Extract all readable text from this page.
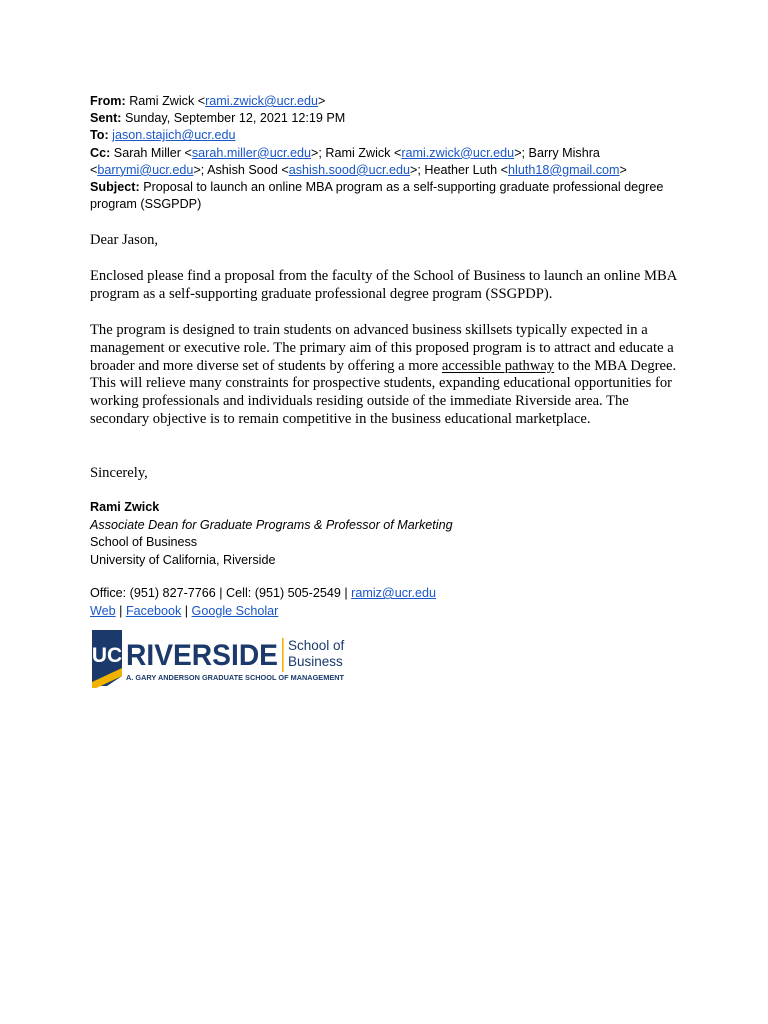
From: Rami Zwick <rami.zwick@ucr.edu>
Sent: Sunday, September 12, 2021 12:19 PM
To: jason.stajich@ucr.edu
Cc: Sarah Miller <sarah.miller@ucr.edu>; Rami Zwick <rami.zwick@ucr.edu>; Barry Mishra
<barrymi@ucr.edu>; Ashish Sood <ashish.sood@ucr.edu>; Heather Luth <hluth18@gmail.com>
Subject: Proposal to launch an online MBA program as a self-supporting graduate professional degree program (SSGPDP)

Dear Jason,

Enclosed please find a proposal from the faculty of the School of Business to launch an online MBA program as a self-supporting graduate professional degree program (SSGPDP).

The program is designed to train students on advanced business skillsets typically expected in a management or executive role. The primary aim of this proposed program is to attract and educate a broader and more diverse set of students by offering a more accessible pathway to the MBA Degree. This will relieve many constraints for prospective students, expanding educational opportunities for working professionals and individuals residing outside of the immediate Riverside area. The secondary objective is to remain competitive in the business educational marketplace.

Sincerely,

Rami Zwick
Associate Dean for Graduate Programs & Professor of Marketing
School of Business
University of California, Riverside
Office: (951) 827-7766 | Cell: (951) 505-2549 | ramiz@ucr.edu
Web | Facebook | Google Scholar
UC RIVERSIDE School of
Business
A. GARY ANDERSON GRADUATE SCHOOL OF MANAGEMENT
